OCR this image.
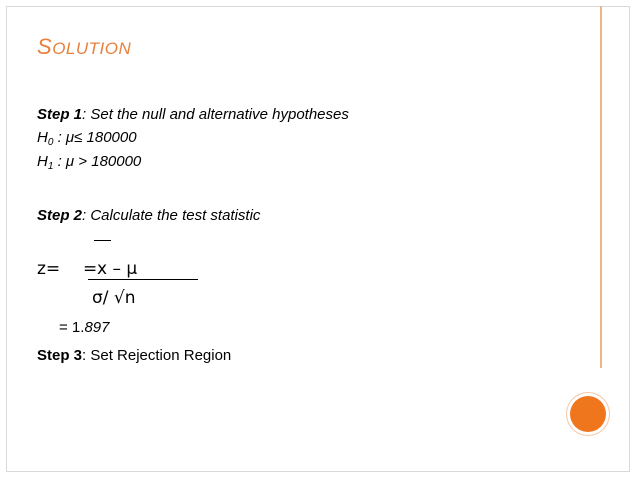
SOLUTION
Step 1: Set the null and alternative hypotheses
$H_0$ : μ≤ 180000
$H_1$ : μ > 180000
Step 2: Calculate the test statistic
z= = x – μ
σ/ √n
= 1.897
Step 3: Set Rejection Region
